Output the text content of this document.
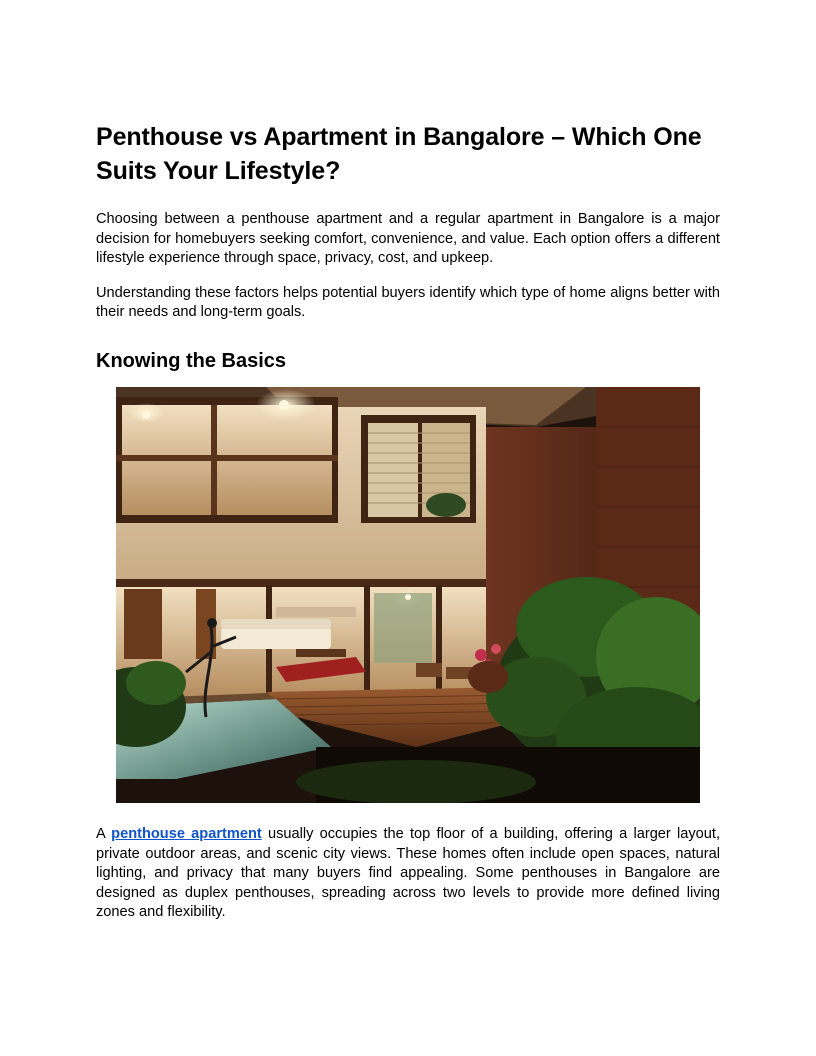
Penthouse vs Apartment in Bangalore – Which One Suits Your Lifestyle?

Choosing between a penthouse apartment and a regular apartment in Bangalore is a major decision for homebuyers seeking comfort, convenience, and value. Each option offers a different lifestyle experience through space, privacy, cost, and upkeep.

Understanding these factors helps potential buyers identify which type of home aligns better with their needs and long-term goals.

Knowing the Basics

A penthouse apartment usually occupies the top floor of a building, offering a larger layout, private outdoor areas, and scenic city views. These homes often include open spaces, natural lighting, and privacy that many buyers find appealing. Some penthouses in Bangalore are designed as duplex penthouses, spreading across two levels to provide more defined living zones and flexibility.
